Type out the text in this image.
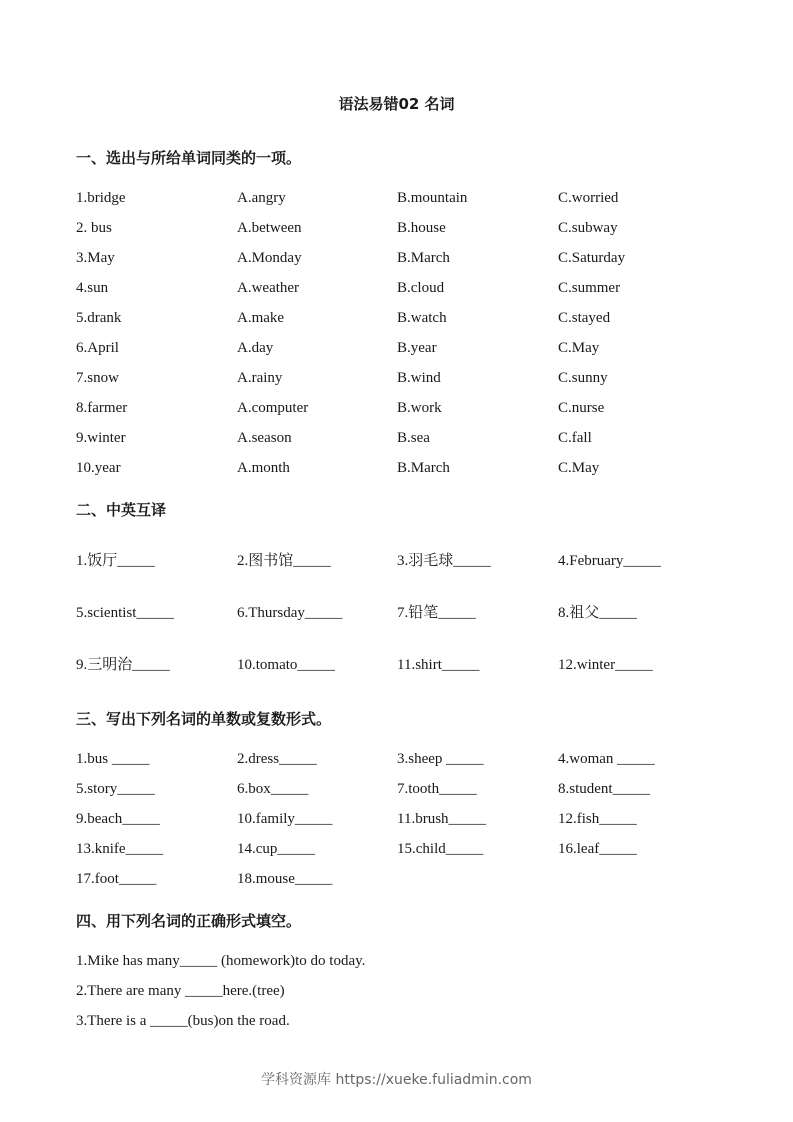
语法易错02 名词
一、选出与所给单词同类的一项。
1.bridge	A.angry	B.mountain	C.worried
2. bus	A.between	B.house	C.subway
3.May	A.Monday	B.March	C.Saturday
4.sun	A.weather	B.cloud	C.summer
5.drank	A.make	B.watch	C.stayed
6.April	A.day	B.year	C.May
7.snow	A.rainy	B.wind	C.sunny
8.farmer	A.computer	B.work	C.nurse
9.winter	A.season	B.sea	C.fall
10.year	A.month	B.March	C.May
二、中英互译
1.饭厅_____	2.图书馆_____	3.羽毛球_____	4.February_____
5.scientist_____	6.Thursday_____	7.铅笔_____	8.祖父_____
9.三明治_____	10.tomato_____	11.shirt_____	12.winter_____
三、写出下列名词的单数或复数形式。
1.bus _____	2.dress_____	3.sheep _____	4.woman _____
5.story_____	6.box_____	7.tooth_____	8.student_____
9.beach_____	10.family_____	11.brush_____	12.fish_____
13.knife_____	14.cup_____	15.child_____	16.leaf_____
17.foot_____	18.mouse_____
四、用下列名词的正确形式填空。
1.Mike has many_____ (homework)to do today.
2.There are many _____here.(tree)
3.There is a _____(bus)on the road.
学科资源库 https://xueke.fuliadmin.com
